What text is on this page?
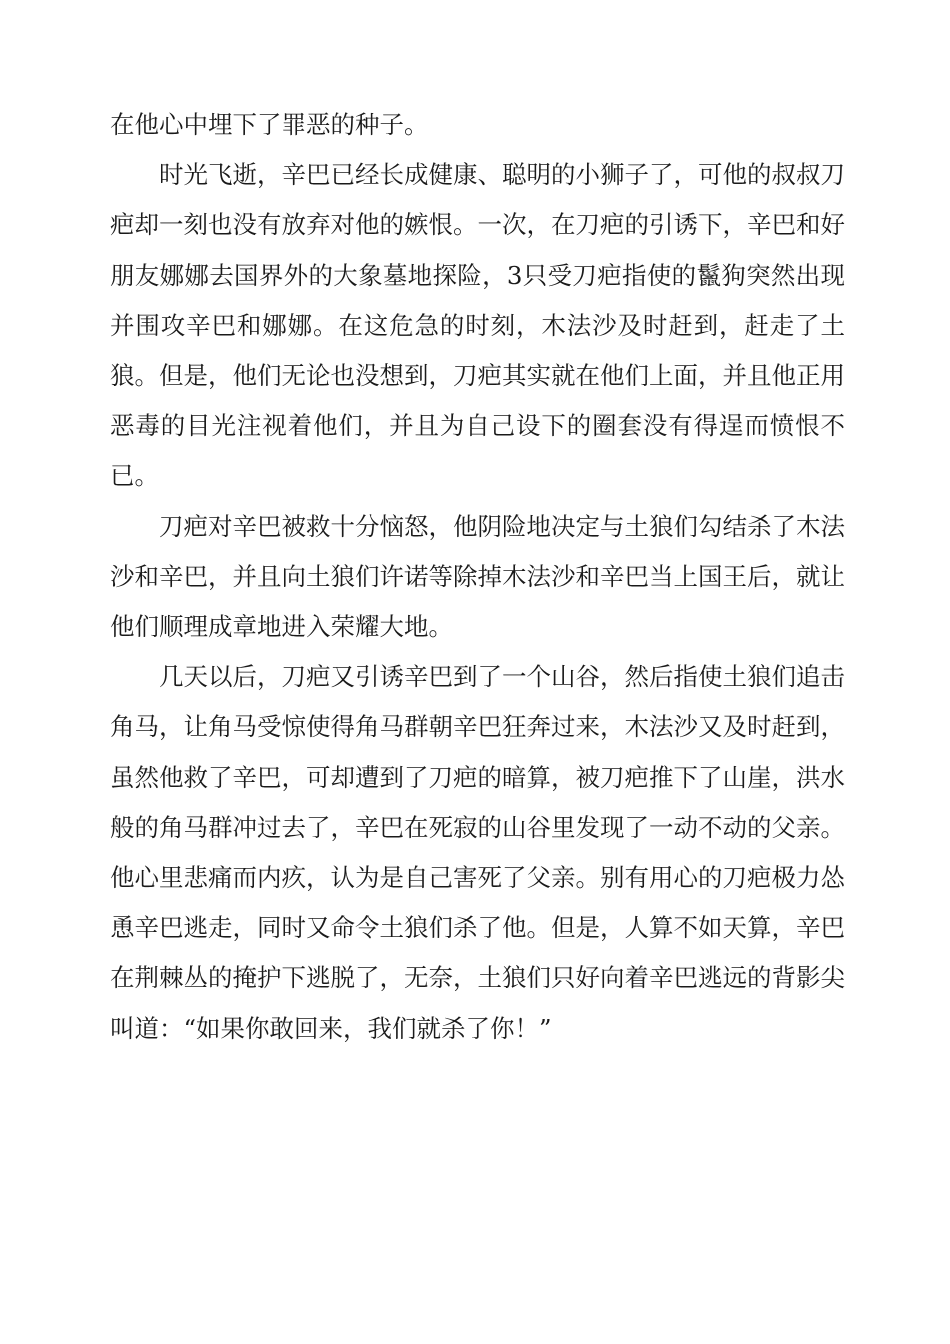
在他心中埋下了罪恶的种子。

时光飞逝，辛巴已经长成健康、聪明的小狮子了，可他的叔叔刀疤却一刻也没有放弃对他的嫉恨。一次，在刀疤的引诱下，辛巴和好朋友娜娜去国界外的大象墓地探险，3只受刀疤指使的鬣狗突然出现并围攻辛巴和娜娜。在这危急的时刻，木法沙及时赶到，赶走了土狼。但是，他们无论也没想到，刀疤其实就在他们上面，并且他正用恶毒的目光注视着他们，并且为自己设下的圈套没有得逞而愤恨不已。

刀疤对辛巴被救十分恼怒，他阴险地决定与土狼们勾结杀了木法沙和辛巴，并且向土狼们许诺等除掉木法沙和辛巴当上国王后，就让他们顺理成章地进入荣耀大地。

几天以后，刀疤又引诱辛巴到了一个山谷，然后指使土狼们追击角马，让角马受惊使得角马群朝辛巴狂奔过来，木法沙又及时赶到，虽然他救了辛巴，可却遭到了刀疤的暗算，被刀疤推下了山崖，洪水般的角马群冲过去了，辛巴在死寂的山谷里发现了一动不动的父亲。他心里悲痛而内疚，认为是自己害死了父亲。别有用心的刀疤极力怂恿辛巴逃走，同时又命令土狼们杀了他。但是，人算不如天算，辛巴在荆棘丛的掩护下逃脱了，无奈，土狼们只好向着辛巴逃远的背影尖叫道：“如果你敢回来，我们就杀了你！”
